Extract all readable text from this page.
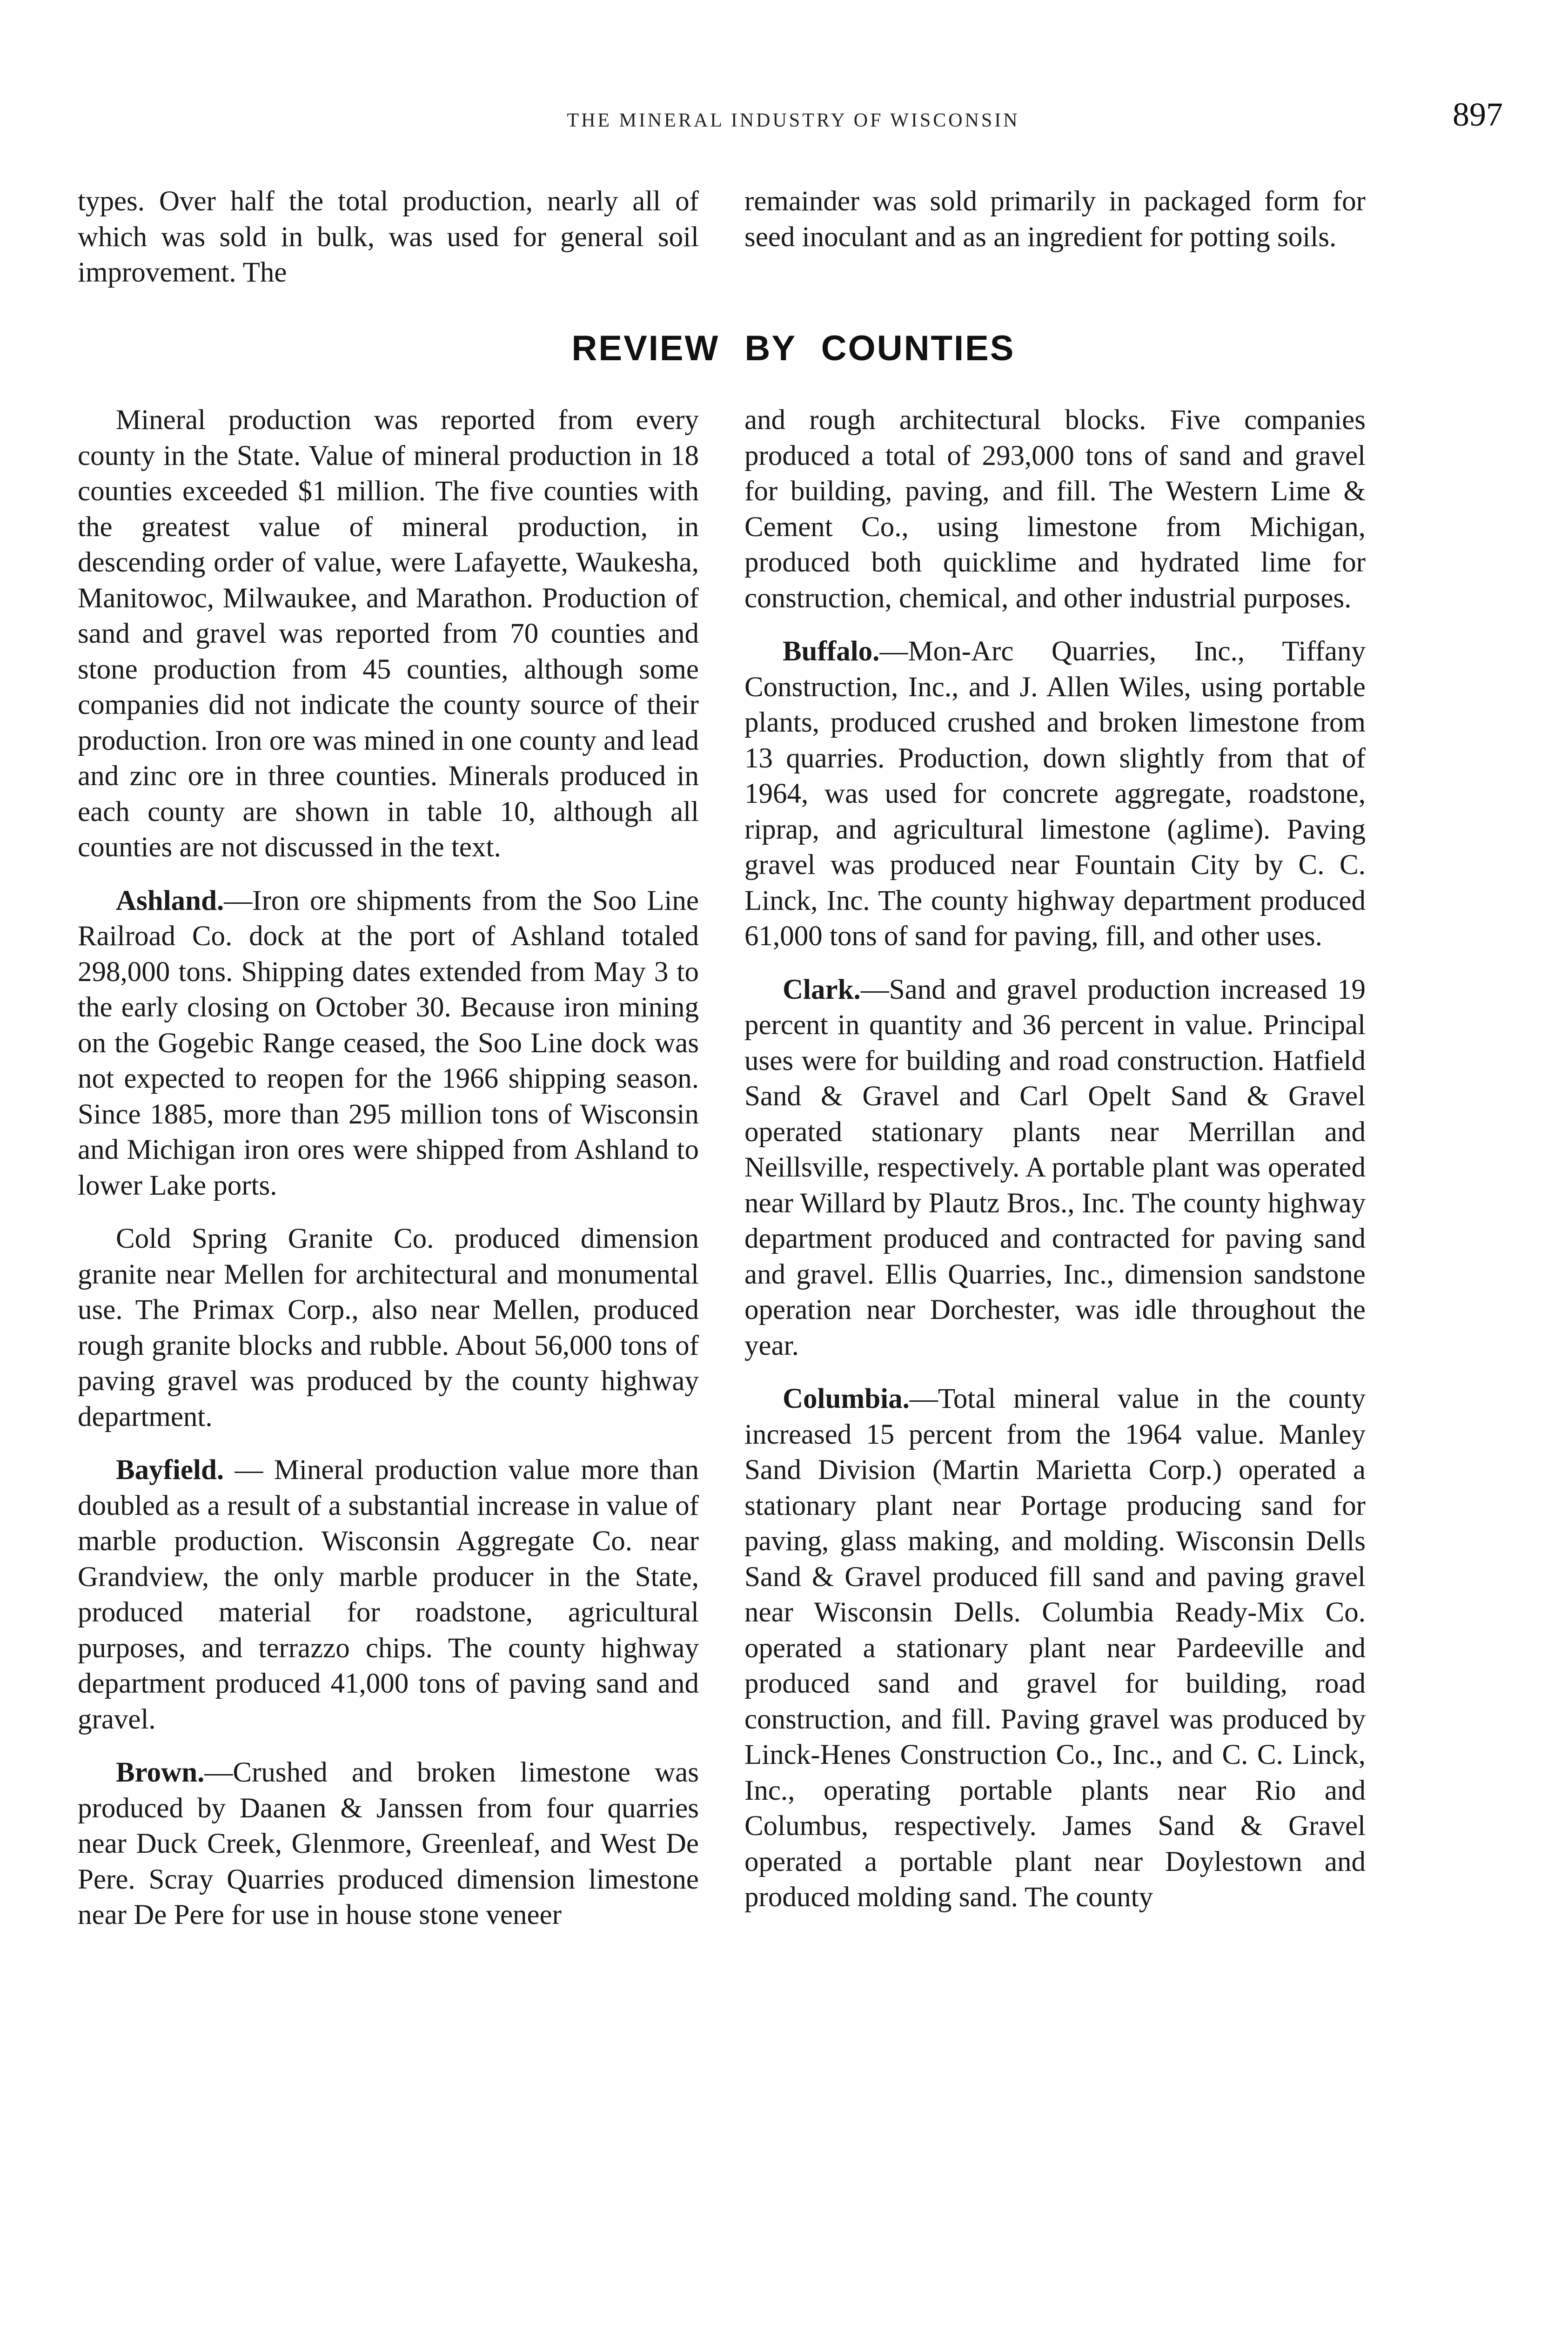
THE MINERAL INDUSTRY OF WISCONSIN	897

types. Over half the total production, nearly all of which was sold in bulk, was used for general soil improvement. The

remainder was sold primarily in packaged form for seed inoculant and as an ingredient for potting soils.

REVIEW BY COUNTIES

Mineral production was reported from every county in the State. Value of mineral production in 18 counties exceeded $1 million. The five counties with the greatest value of mineral production, in descending order of value, were Lafayette, Waukesha, Manitowoc, Milwaukee, and Marathon. Production of sand and gravel was reported from 70 counties and stone production from 45 counties, although some companies did not indicate the county source of their production. Iron ore was mined in one county and lead and zinc ore in three counties. Minerals produced in each county are shown in table 10, although all counties are not discussed in the text.

Ashland.—Iron ore shipments from the Soo Line Railroad Co. dock at the port of Ashland totaled 298,000 tons. Shipping dates extended from May 3 to the early closing on October 30. Because iron mining on the Gogebic Range ceased, the Soo Line dock was not expected to reopen for the 1966 shipping season. Since 1885, more than 295 million tons of Wisconsin and Michigan iron ores were shipped from Ashland to lower Lake ports.

Cold Spring Granite Co. produced dimension granite near Mellen for architectural and monumental use. The Primax Corp., also near Mellen, produced rough granite blocks and rubble. About 56,000 tons of paving gravel was produced by the county highway department.

Bayfield. — Mineral production value more than doubled as a result of a substantial increase in value of marble production. Wisconsin Aggregate Co. near Grandview, the only marble producer in the State, produced material for roadstone, agricultural purposes, and terrazzo chips. The county highway department produced 41,000 tons of paving sand and gravel.

Brown.—Crushed and broken limestone was produced by Daanen & Janssen from four quarries near Duck Creek, Glenmore, Greenleaf, and West De Pere. Scray Quarries produced dimension limestone near De Pere for use in house stone veneer

and rough architectural blocks. Five companies produced a total of 293,000 tons of sand and gravel for building, paving, and fill. The Western Lime & Cement Co., using limestone from Michigan, produced both quicklime and hydrated lime for construction, chemical, and other industrial purposes.

Buffalo.—Mon-Arc Quarries, Inc., Tiffany Construction, Inc., and J. Allen Wiles, using portable plants, produced crushed and broken limestone from 13 quarries. Production, down slightly from that of 1964, was used for concrete aggregate, roadstone, riprap, and agricultural limestone (aglime). Paving gravel was produced near Fountain City by C. C. Linck, Inc. The county highway department produced 61,000 tons of sand for paving, fill, and other uses.

Clark.—Sand and gravel production increased 19 percent in quantity and 36 percent in value. Principal uses were for building and road construction. Hatfield Sand & Gravel and Carl Opelt Sand & Gravel operated stationary plants near Merrillan and Neillsville, respectively. A portable plant was operated near Willard by Plautz Bros., Inc. The county highway department produced and contracted for paving sand and gravel. Ellis Quarries, Inc., dimension sandstone operation near Dorchester, was idle throughout the year.

Columbia.—Total mineral value in the county increased 15 percent from the 1964 value. Manley Sand Division (Martin Marietta Corp.) operated a stationary plant near Portage producing sand for paving, glass making, and molding. Wisconsin Dells Sand & Gravel produced fill sand and paving gravel near Wisconsin Dells. Columbia Ready-Mix Co. operated a stationary plant near Pardeeville and produced sand and gravel for building, road construction, and fill. Paving gravel was produced by Linck-Henes Construction Co., Inc., and C. C. Linck, Inc., operating portable plants near Rio and Columbus, respectively. James Sand & Gravel operated a portable plant near Doylestown and produced molding sand. The county
